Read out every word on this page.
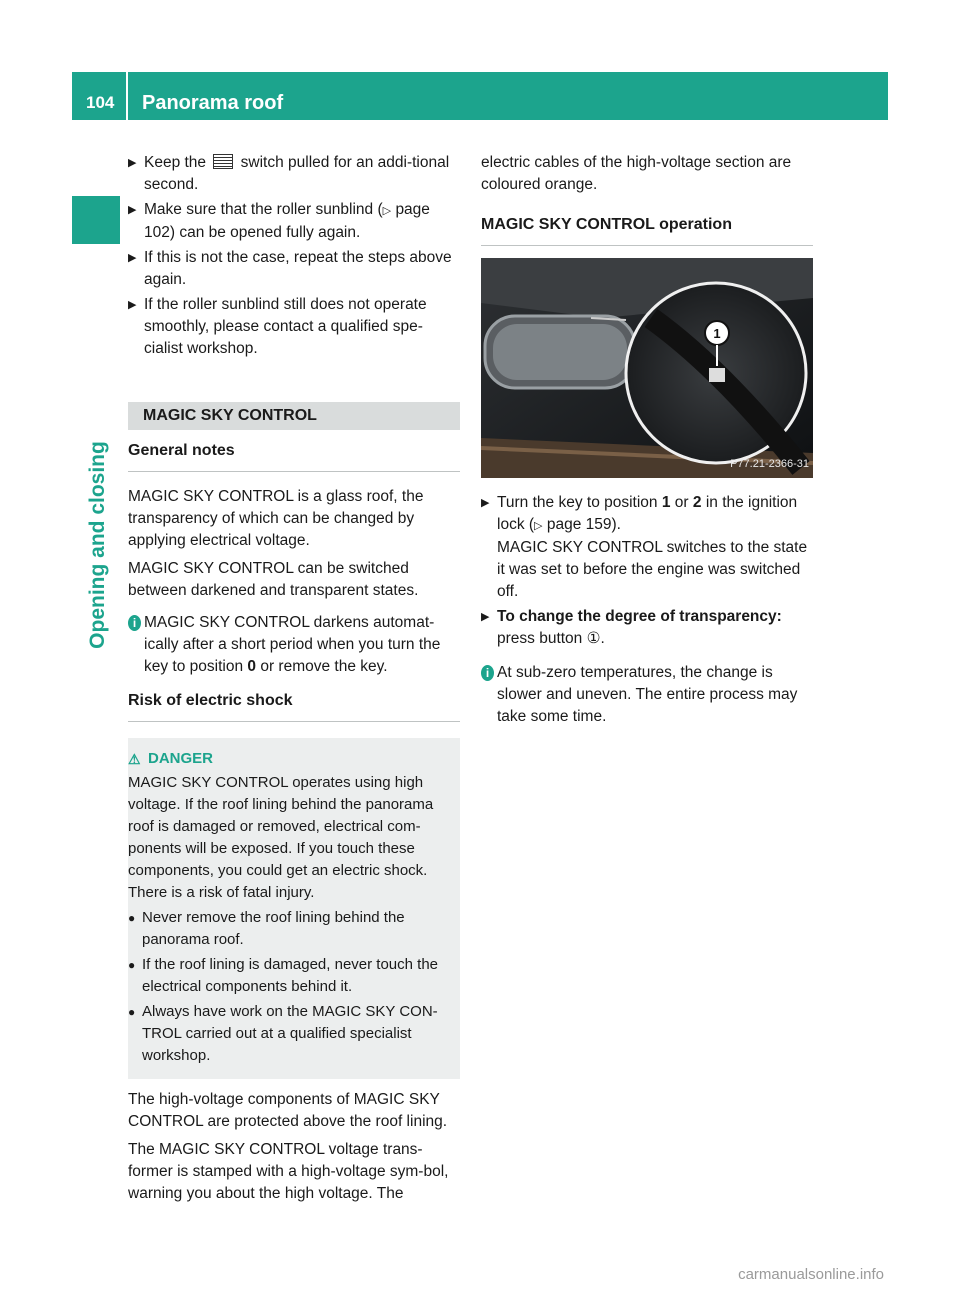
104	Panorama roof
Opening and closing
▶ Keep the  switch pulled for an addi-tional second.
▶ Make sure that the roller sunblind (▷ page 102) can be opened fully again.
▶ If this is not the case, repeat the steps above again.
▶ If the roller sunblind still does not operate smoothly, please contact a qualified spe-cialist workshop.
MAGIC SKY CONTROL
General notes
MAGIC SKY CONTROL is a glass roof, the transparency of which can be changed by applying electrical voltage.
MAGIC SKY CONTROL can be switched between darkened and transparent states.
i MAGIC SKY CONTROL darkens automat-ically after a short period when you turn the key to position 0 or remove the key.
Risk of electric shock
⚠ DANGER
MAGIC SKY CONTROL operates using high voltage. If the roof lining behind the panorama roof is damaged or removed, electrical com-ponents will be exposed. If you touch these components, you could get an electric shock. There is a risk of fatal injury.
● Never remove the roof lining behind the panorama roof.
● If the roof lining is damaged, never touch the electrical components behind it.
● Always have work on the MAGIC SKY CON-TROL carried out at a qualified specialist workshop.
The high-voltage components of MAGIC SKY CONTROL are protected above the roof lining.
The MAGIC SKY CONTROL voltage trans-former is stamped with a high-voltage sym-bol, warning you about the high voltage. The
electric cables of the high-voltage section are coloured orange.
MAGIC SKY CONTROL operation
1
P77.21-2366-31
▶ Turn the key to position 1 or 2 in the ignition lock (▷ page 159).
MAGIC SKY CONTROL switches to the state it was set to before the engine was switched off.
▶ To change the degree of transparency:
press button ①.
i At sub-zero temperatures, the change is slower and uneven. The entire process may take some time.
carmanualsonline.info
